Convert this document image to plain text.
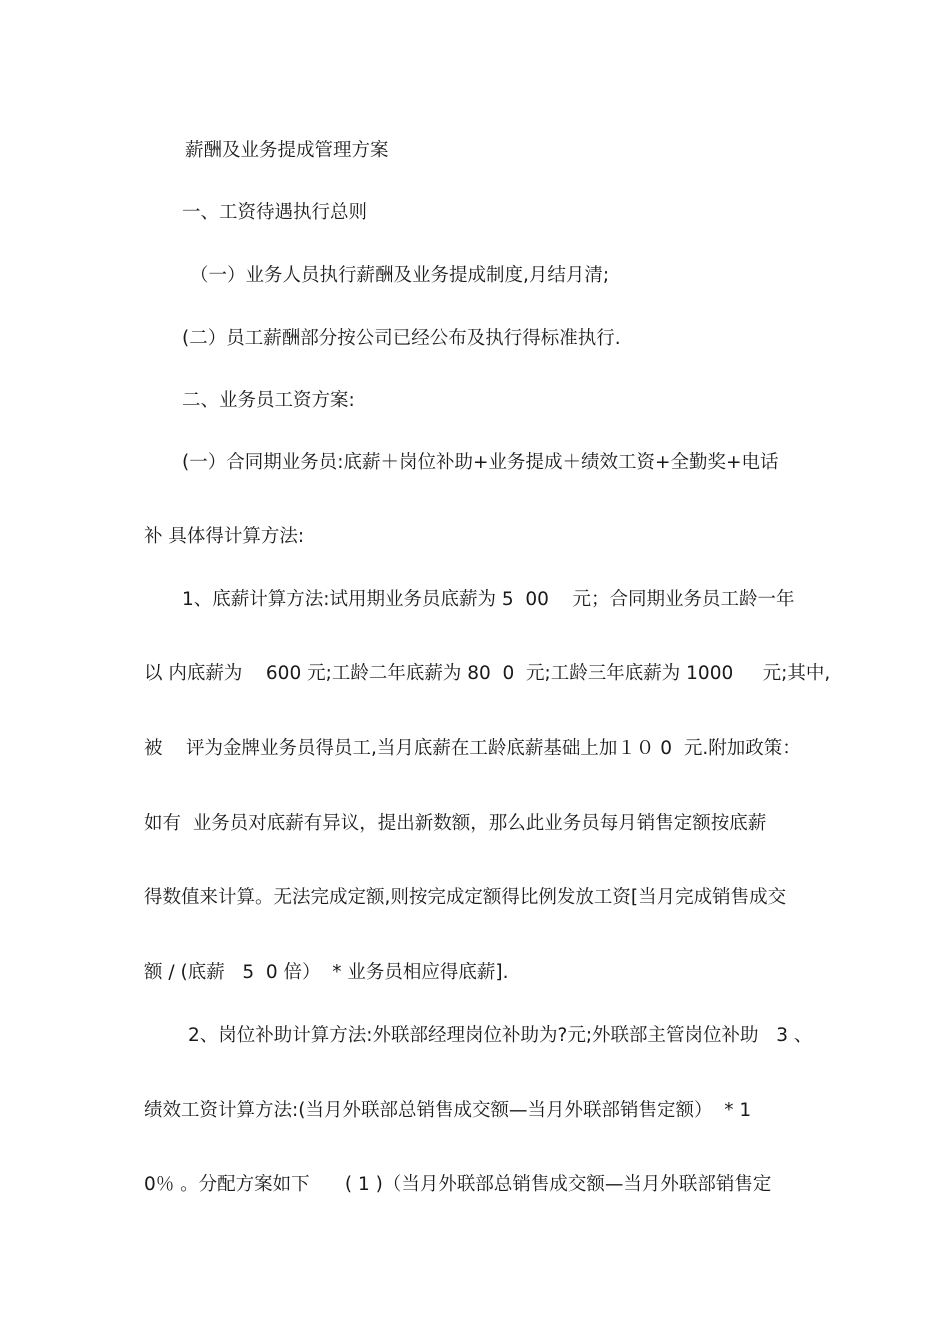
薪酬及业务提成管理方案
一、工资待遇执行总则
（一）业务人员执行薪酬及业务提成制度,月结月清;
(二）员工薪酬部分按公司已经公布及执行得标准执行.
二、业务员工资方案:
(一）合同期业务员:底薪＋岗位补助+业务提成＋绩效工资+全勤奖+电话
补 具体得计算方法:
1、底薪计算方法:试用期业务员底薪为 5  00    元；合同期业务员工龄一年
以 内底薪为    600 元;工龄二年底薪为 80  0  元;工龄三年底薪为 1000     元;其中,
被    评为金牌业务员得员工,当月底薪在工龄底薪基础上加１０ 0  元.附加政策：
如有  业务员对底薪有异议，提出新数额，那么此业务员每月销售定额按底薪
得数值来计算。无法完成定额,则按完成定额得比例发放工资[当月完成销售成交
额 / (底薪   5  0 倍）  * 业务员相应得底薪].
2、岗位补助计算方法:外联部经理岗位补助为?元;外联部主管岗位补助   3 、
绩效工资计算方法:(当月外联部总销售成交额—当月外联部销售定额）  * 1
0％ 。分配方案如下      ( 1 )（当月外联部总销售成交额—当月外联部销售定
